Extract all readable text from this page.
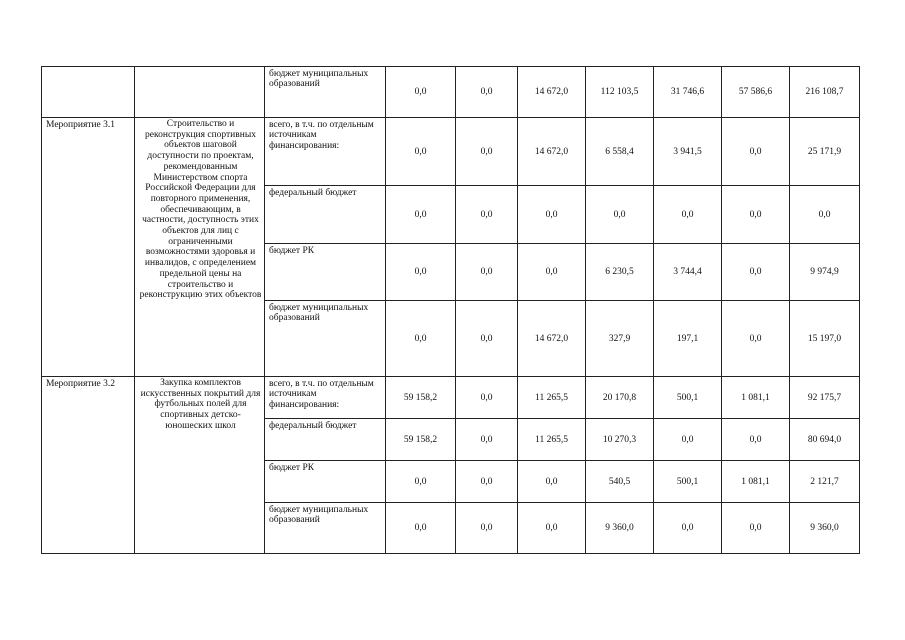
		бюджет муниципальных образований	0,0	0,0	14 672,0	112 103,5	31 746,6	57 586,6	216 108,7
Мероприятие 3.1	Строительство и реконструкция спортивных объектов шаговой доступности по проектам, рекомендованным Министерством спорта Российской Федерации для повторного применения, обеспечивающим, в частности, доступность этих объектов для лиц с ограниченными возможностями здоровья и инвалидов, с определением предельной цены на строительство и реконструкцию этих объектов	всего, в т.ч. по отдельным источникам финансирования:	0,0	0,0	14 672,0	6 558,4	3 941,5	0,0	25 171,9
		федеральный бюджет	0,0	0,0	0,0	0,0	0,0	0,0	0,0
		бюджет РК	0,0	0,0	0,0	6 230,5	3 744,4	0,0	9 974,9
		бюджет муниципальных образований	0,0	0,0	14 672,0	327,9	197,1	0,0	15 197,0
Мероприятие 3.2	Закупка комплектов искусственных покрытий для футбольных полей для спортивных детско-юношеских школ	всего, в т.ч. по отдельным источникам финансирования:	59 158,2	0,0	11 265,5	20 170,8	500,1	1 081,1	92 175,7
		федеральный бюджет	59 158,2	0,0	11 265,5	10 270,3	0,0	0,0	80 694,0
		бюджет РК	0,0	0,0	0,0	540,5	500,1	1 081,1	2 121,7
		бюджет муниципальных образований	0,0	0,0	0,0	9 360,0	0,0	0,0	9 360,0
